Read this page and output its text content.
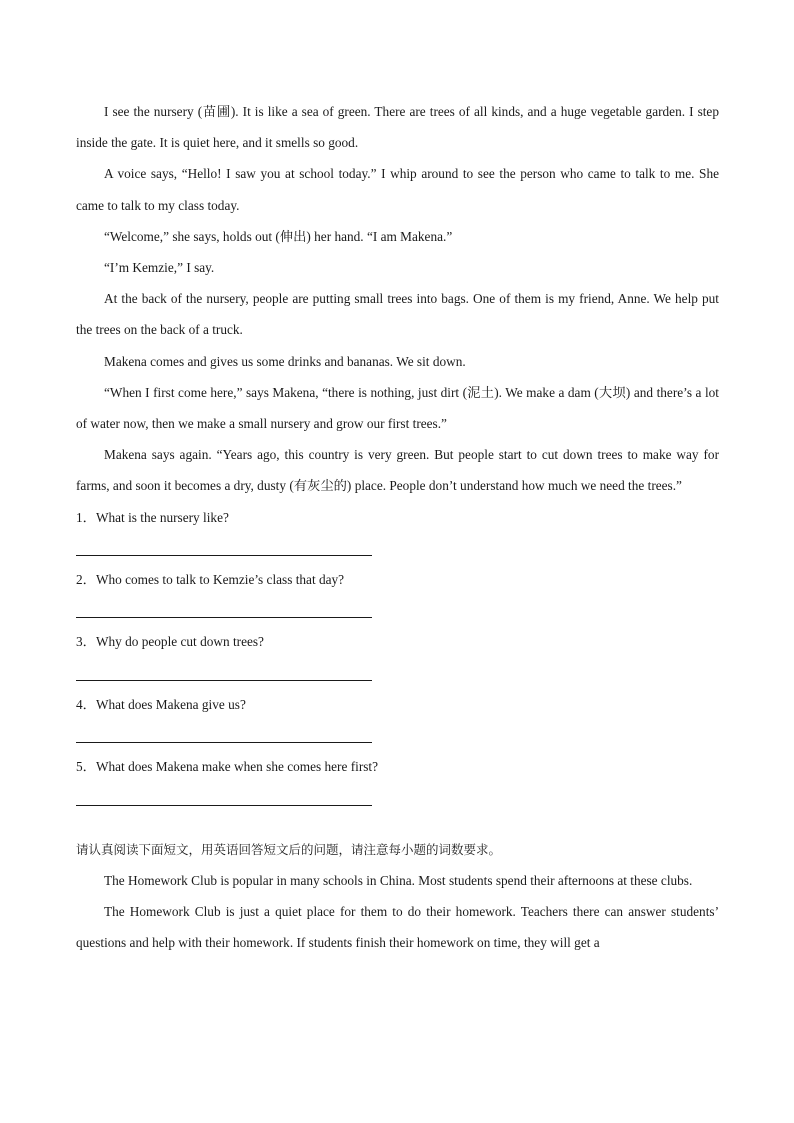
I see the nursery (苗圃). It is like a sea of green. There are trees of all kinds, and a huge vegetable garden. I step inside the gate. It is quiet here, and it smells so good.

A voice says, “Hello! I saw you at school today.” I whip around to see the person who came to talk to me. She came to talk to my class today.

“Welcome,” she says, holds out (伸出) her hand. “I am Makena.”

“I’m Kemzie,” I say.

At the back of the nursery, people are putting small trees into bags. One of them is my friend, Anne. We help put the trees on the back of a truck.

Makena comes and gives us some drinks and bananas. We sit down.

“When I first come here,” says Makena, “there is nothing, just dirt (泥土). We make a dam (大坝) and there’s a lot of water now, then we make a small nursery and grow our first trees.”

Makena says again. “Years ago, this country is very green. But people start to cut down trees to make way for farms, and soon it becomes a dry, dusty (有灰尘的) place. People don’t understand how much we need the trees.”

1．What is the nursery like?

2．Who comes to talk to Kemzie’s class that day?

3．Why do people cut down trees?

4．What does Makena give us?

5．What does Makena make when she comes here first?

请认真阅读下面短文，用英语回答短文后的问题，请注意每小题的词数要求。

The Homework Club is popular in many schools in China. Most students spend their afternoons at these clubs.

The Homework Club is just a quiet place for them to do their homework. Teachers there can answer students’ questions and help with their homework. If students finish their homework on time, they will get a
